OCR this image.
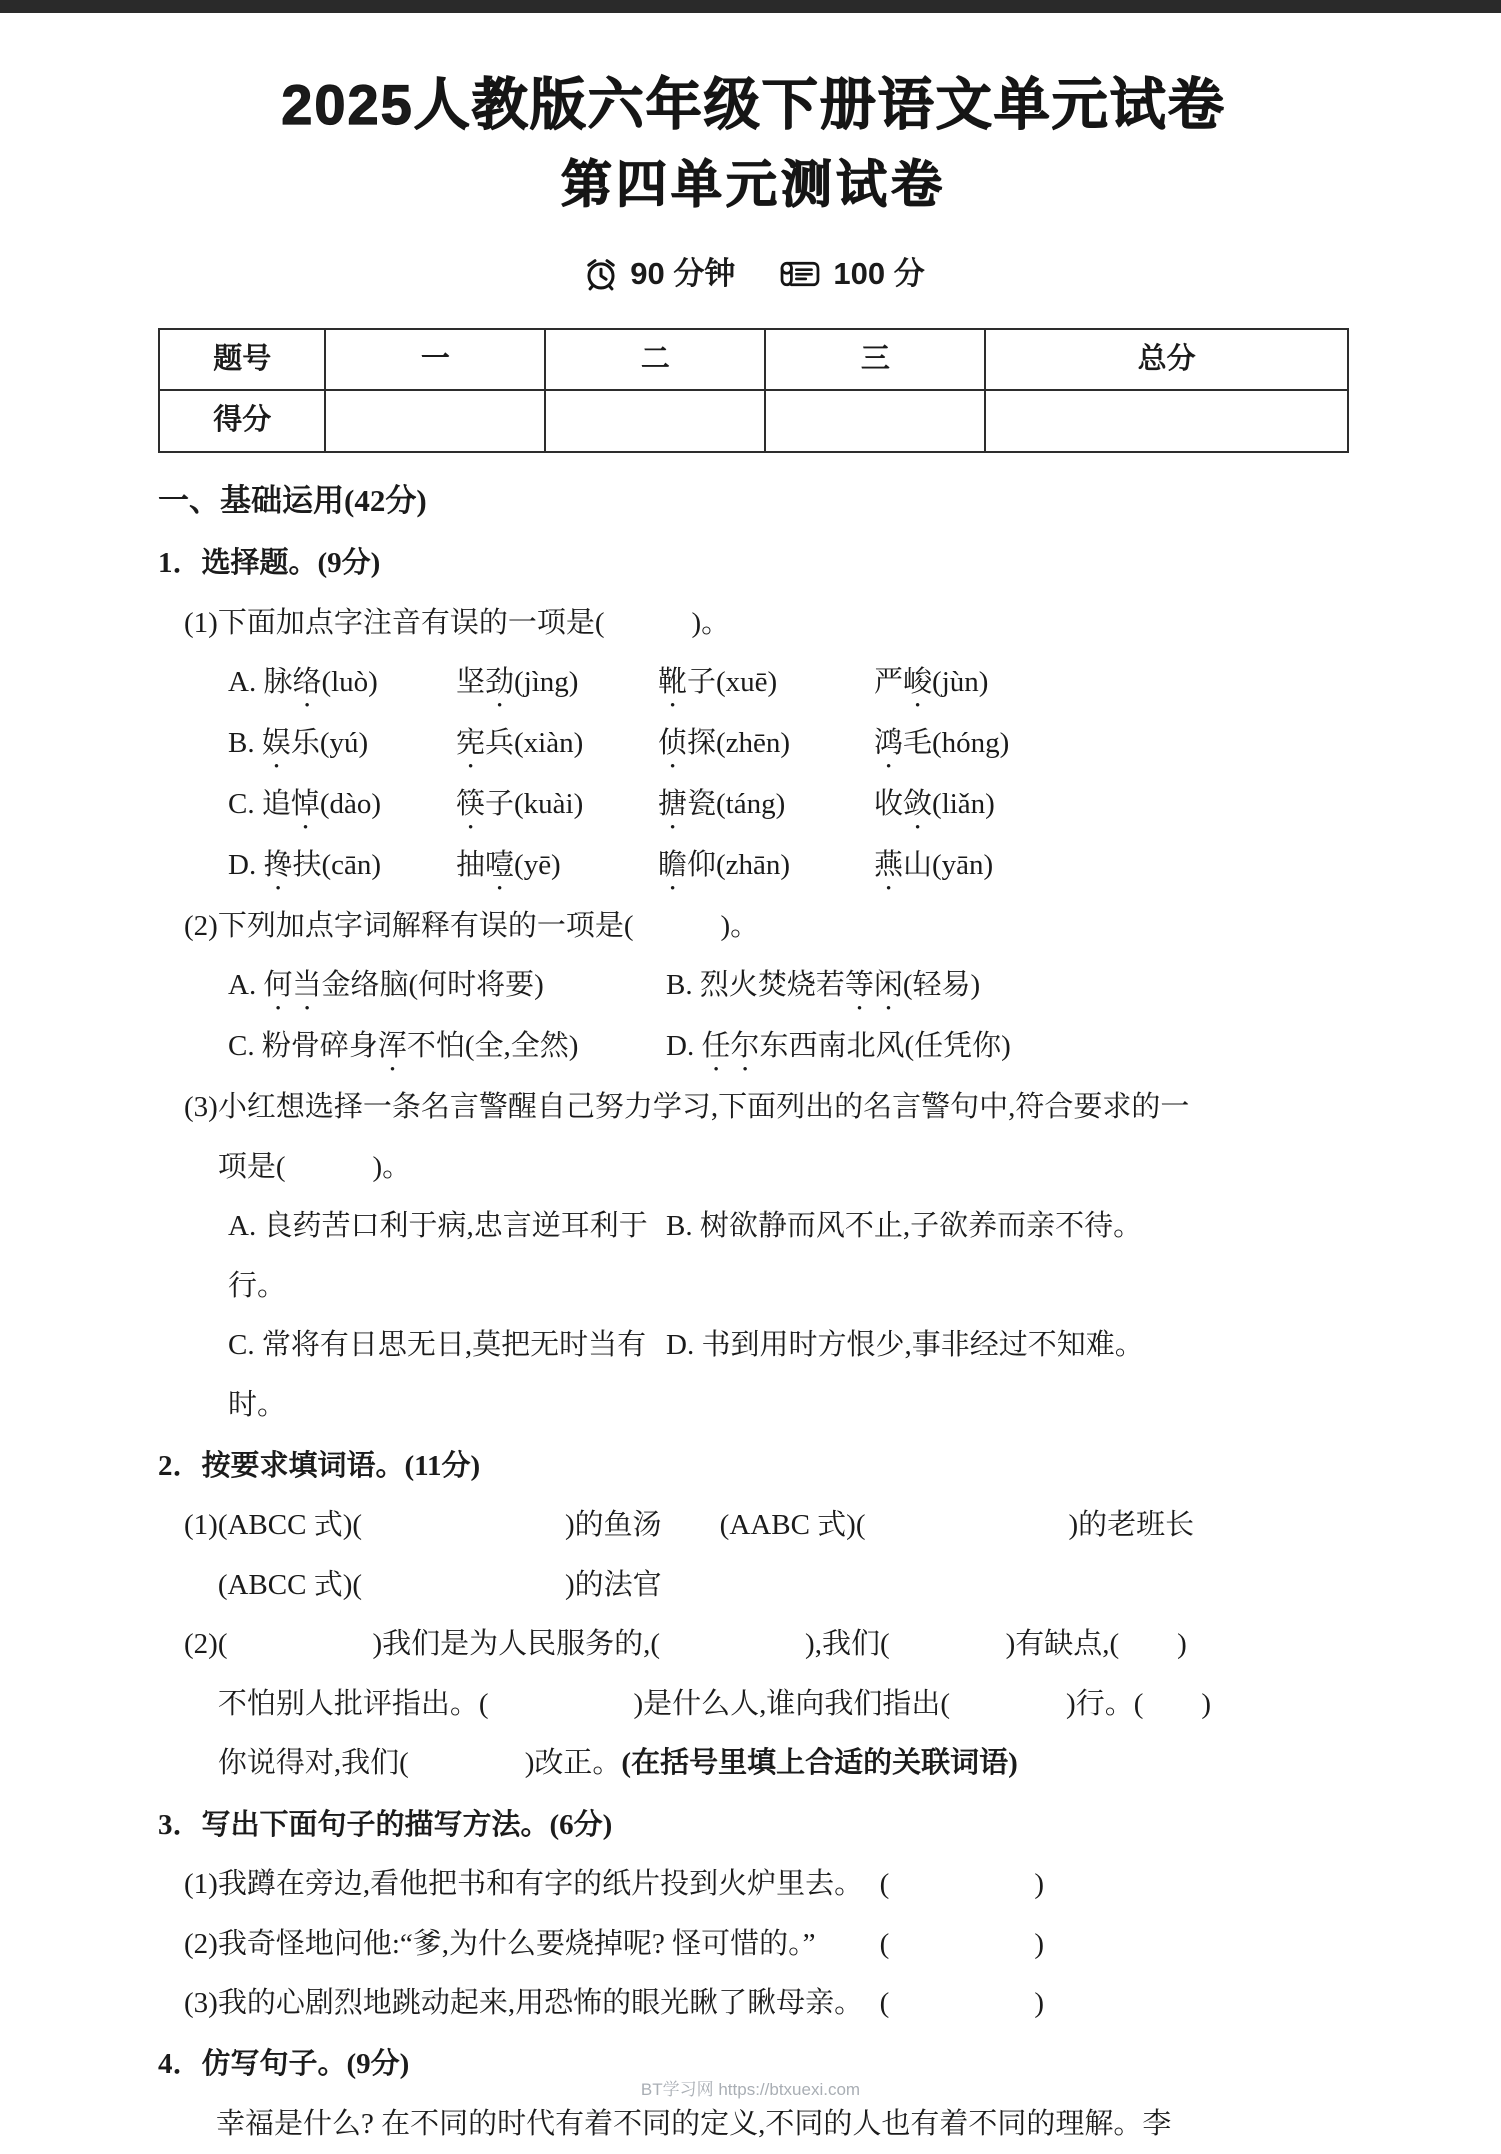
2025人教版六年级下册语文单元试卷
第四单元测试卷
90 分钟	100 分
题号	一	二	三	总分
得分				
一、基础运用(42分)
1．选择题。(9分)
(1) 下面加点字注音有误的一项是(　　　)。
A. 脉络(luò)	坚劲(jìng)	靴子(xuē)	严峻(jùn)
B. 娱乐(yú)	宪兵(xiàn)	侦探(zhēn)	鸿毛(hóng)
C. 追悼(dào)	筷子(kuài)	搪瓷(táng)	收敛(liǎn)
D. 搀扶(cān)	抽噎(yē)	瞻仰(zhān)	燕山(yān)
(2) 下列加点字词解释有误的一项是(　　　)。
A. 何当金络脑(何时将要)	B. 烈火焚烧若等闲(轻易)
C. 粉骨碎身浑不怕(全,全然)	D. 任尔东西南北风(任凭你)
(3) 小红想选择一条名言警醒自己努力学习,下面列出的名言警句中,符合要求的一
项是(　　　)。
A. 良药苦口利于病,忠言逆耳利于行。
B. 树欲静而风不止,子欲养而亲不待。
C. 常将有日思无日,莫把无时当有时。
D. 书到用时方恨少,事非经过不知难。
2．按要求填词语。(11分)
(1) (ABCC 式)(　　　　　　　)的鱼汤　　(AABC 式)(　　　　　　　)的老班长
(ABCC 式)(　　　　　　　)的法官
(2) (　　　　　)我们是为人民服务的,(　　　　　),我们(　　　　)有缺点,(　　)
不怕别人批评指出。(　　　　　)是什么人,谁向我们指出(　　　　)行。(　　)
你说得对,我们(　　　　)改正。(在括号里填上合适的关联词语)
3．写出下面句子的描写方法。(6分)
(1)我蹲在旁边,看他把书和有字的纸片投到火炉里去。 (　　　　　)
(2)我奇怪地问他:“爹,为什么要烧掉呢? 怪可惜的。” (　　　　　)
(3)我的心剧烈地跳动起来,用恐怖的眼光瞅了瞅母亲。 (　　　　　)
4．仿写句子。(9分)
幸福是什么? 在不同的时代有着不同的定义,不同的人也有着不同的理解。李
BT学习网 https://btxuexi.com
